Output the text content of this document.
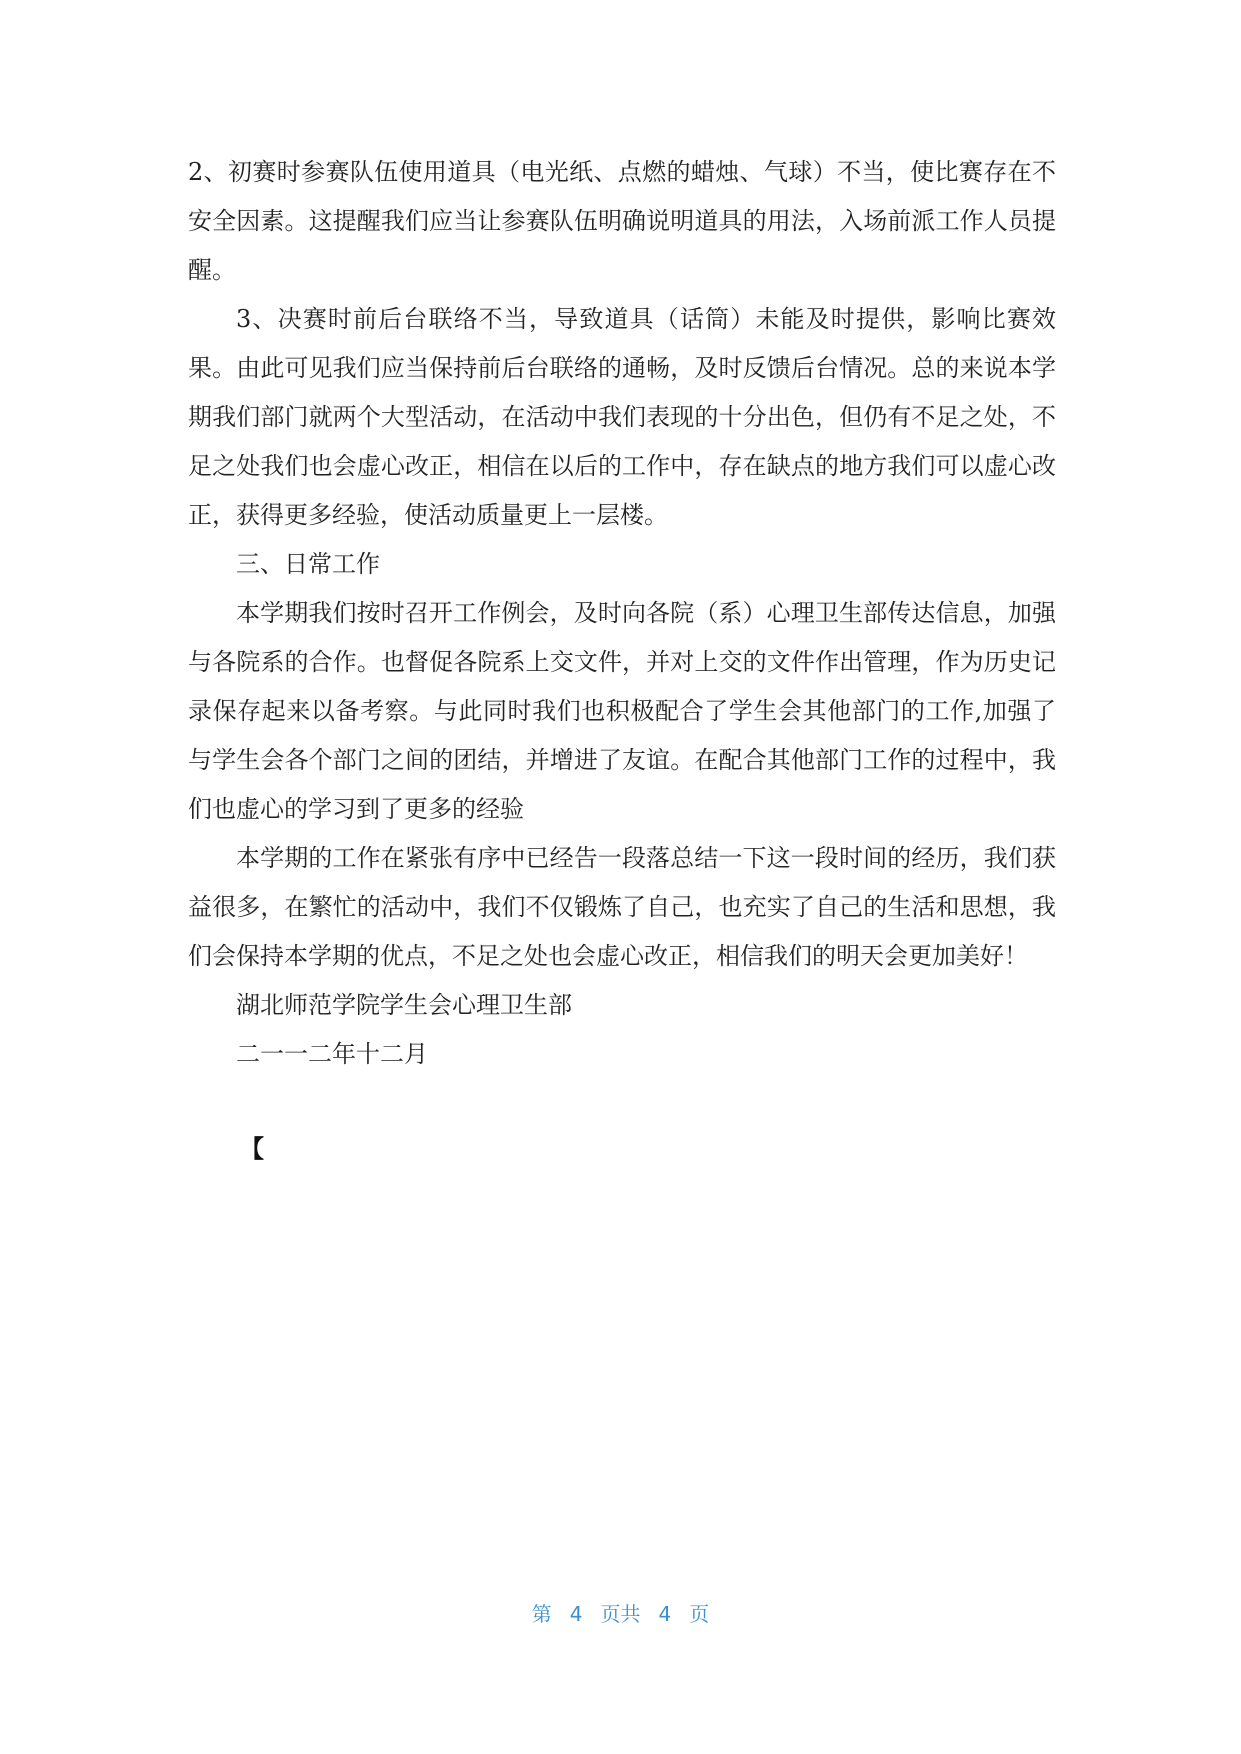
2、初赛时参赛队伍使用道具（电光纸、点燃的蜡烛、气球）不当，使比赛存在不安全因素。这提醒我们应当让参赛队伍明确说明道具的用法，入场前派工作人员提醒。

3、决赛时前后台联络不当，导致道具（话筒）未能及时提供，影响比赛效果。由此可见我们应当保持前后台联络的通畅，及时反馈后台情况。总的来说本学期我们部门就两个大型活动，在活动中我们表现的十分出色，但仍有不足之处，不足之处我们也会虚心改正，相信在以后的工作中，存在缺点的地方我们可以虚心改正，获得更多经验，使活动质量更上一层楼。

三、日常工作

本学期我们按时召开工作例会，及时向各院（系）心理卫生部传达信息，加强与各院系的合作。也督促各院系上交文件，并对上交的文件作出管理，作为历史记录保存起来以备考察。与此同时我们也积极配合了学生会其他部门的工作,加强了与学生会各个部门之间的团结，并增进了友谊。在配合其他部门工作的过程中，我们也虚心的学习到了更多的经验

本学期的工作在紧张有序中已经告一段落总结一下这一段时间的经历，我们获益很多，在繁忙的活动中，我们不仅锻炼了自己，也充实了自己的生活和思想，我们会保持本学期的优点，不足之处也会虚心改正，相信我们的明天会更加美好！

湖北师范学院学生会心理卫生部

二一一二年十二月

【
第 4 页共 4 页
